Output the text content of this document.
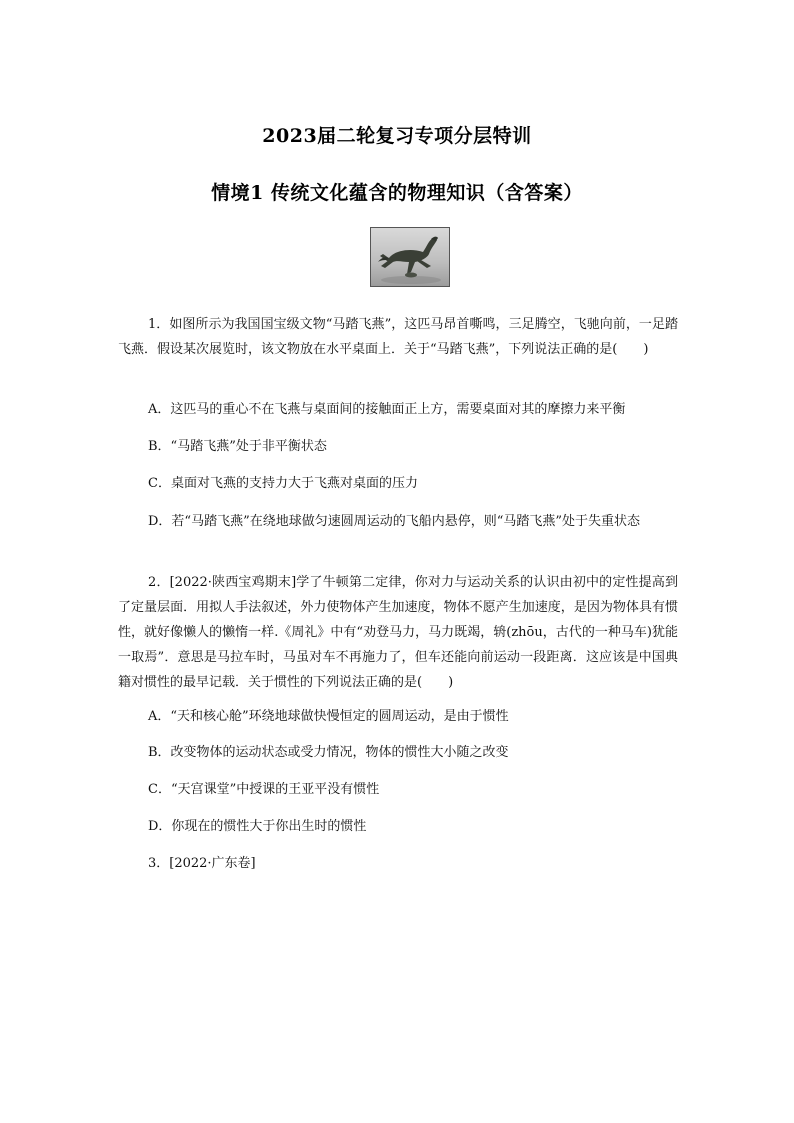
2023届二轮复习专项分层特训
情境1 传统文化蕴含的物理知识（含答案）
1．如图所示为我国国宝级文物“马踏飞燕”，这匹马昂首嘶鸣，三足腾空，飞驰向前，一足踏飞燕．假设某次展览时，该文物放在水平桌面上．关于“马踏飞燕”，下列说法正确的是(　　)
A．这匹马的重心不在飞燕与桌面间的接触面正上方，需要桌面对其的摩擦力来平衡
B．“马踏飞燕”处于非平衡状态
C．桌面对飞燕的支持力大于飞燕对桌面的压力
D．若“马踏飞燕”在绕地球做匀速圆周运动的飞船内悬停，则“马踏飞燕”处于失重状态
2．[2022·陕西宝鸡期末]学了牛顿第二定律，你对力与运动关系的认识由初中的定性提高到了定量层面．用拟人手法叙述，外力使物体产生加速度，物体不愿产生加速度，是因为物体具有惯性，就好像懒人的懒惰一样.《周礼》中有“劝登马力，马力既竭，辀(zhōu，古代的一种马车)犹能一取焉”．意思是马拉车时，马虽对车不再施力了，但车还能向前运动一段距离．这应该是中国典籍对惯性的最早记载．关于惯性的下列说法正确的是(　　)
A．“天和核心舱”环绕地球做快慢恒定的圆周运动，是由于惯性
B．改变物体的运动状态或受力情况，物体的惯性大小随之改变
C．“天宫课堂”中授课的王亚平没有惯性
D．你现在的惯性大于你出生时的惯性
3．[2022·广东卷]
